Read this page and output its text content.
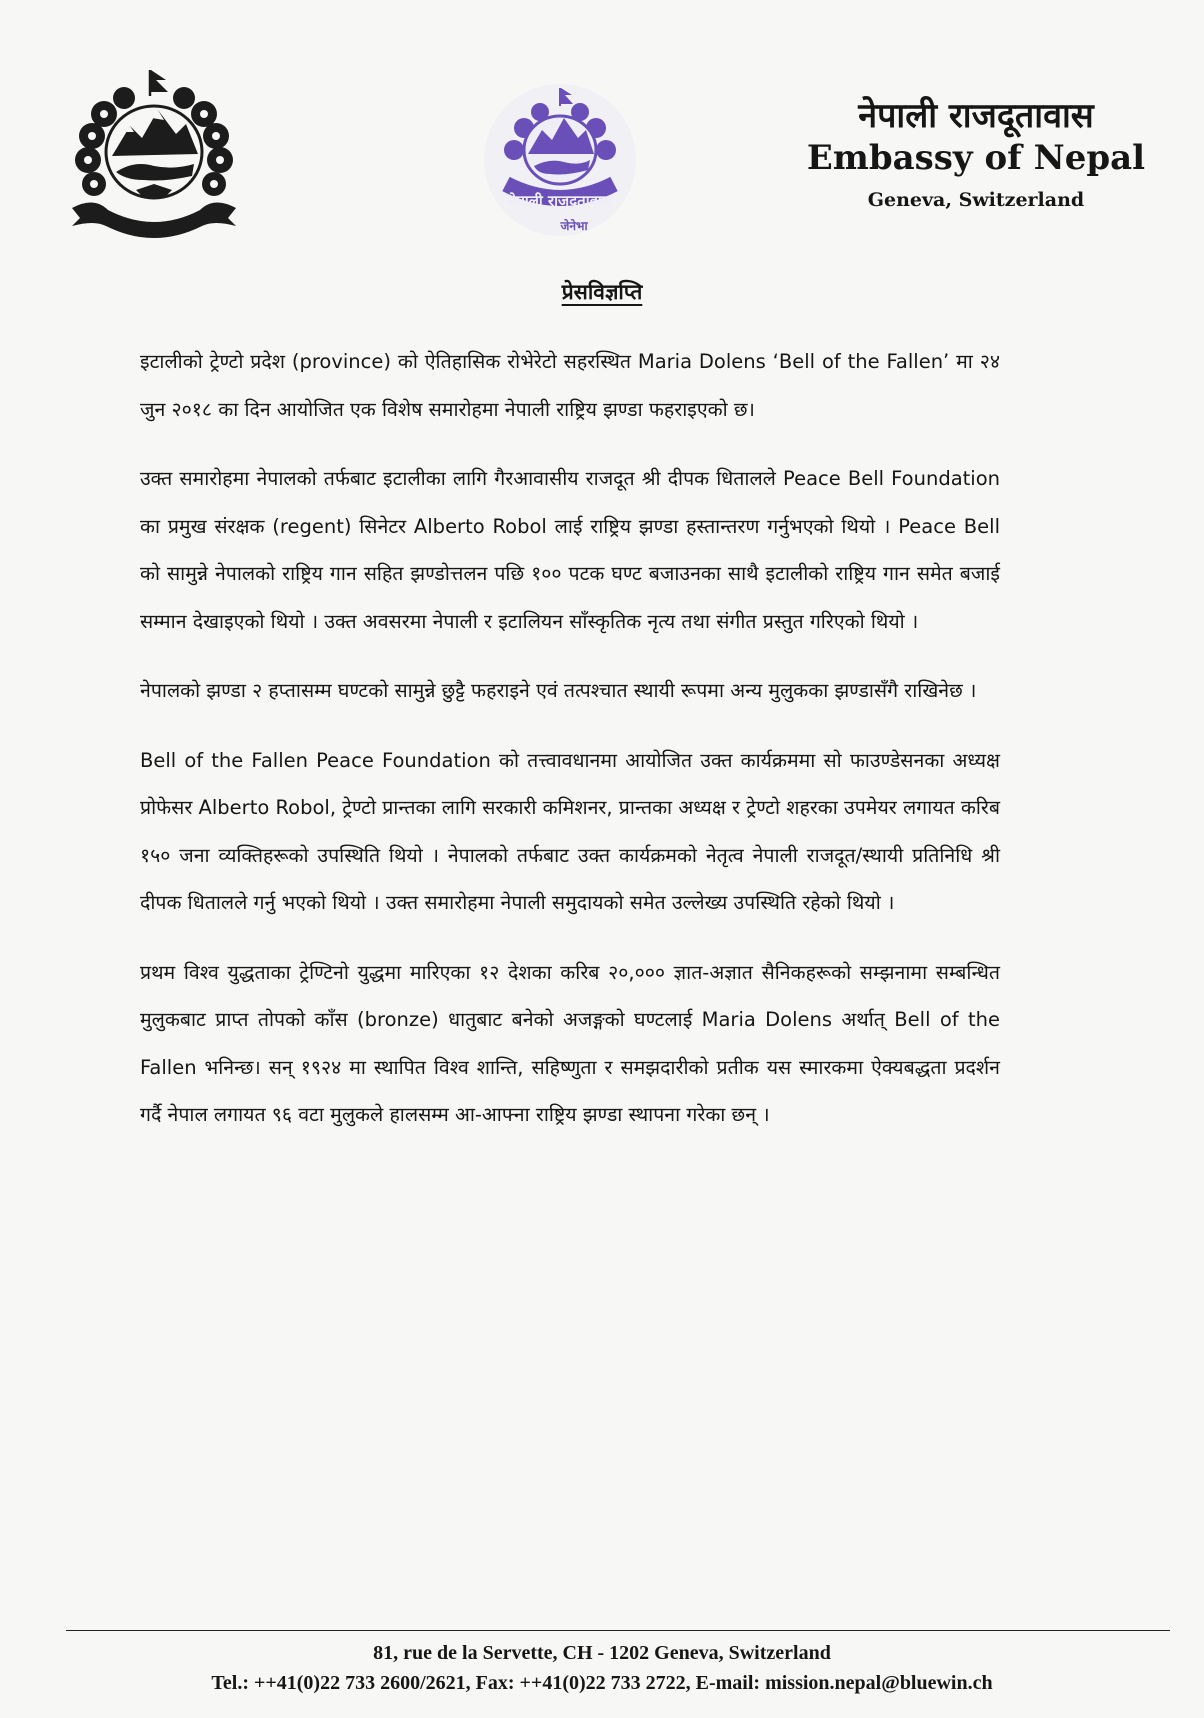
नेपाली राजदूतावास
जेनेभा
नेपाली राजदूतावास
Embassy of Nepal
Geneva, Switzerland
प्रेसविज्ञप्ति

इटालीको ट्रेण्टो प्रदेश (province) को ऐतिहासिक रोभेरेटो सहरस्थित Maria Dolens ‘Bell of the Fallen’ मा २४ जुन २०१८ का दिन आयोजित एक विशेष समारोहमा नेपाली राष्ट्रिय झण्डा फहराइएको छ।

उक्त समारोहमा नेपालको तर्फबाट इटालीका लागि गैरआवासीय राजदूत श्री दीपक धितालले Peace Bell Foundation का प्रमुख संरक्षक (regent) सिनेटर Alberto Robol लाई राष्ट्रिय झण्डा हस्तान्तरण गर्नुभएको थियो । Peace Bell को सामुन्ने नेपालको राष्ट्रिय गान सहित झण्डोत्तलन पछि १०० पटक घण्ट बजाउनका साथै इटालीको राष्ट्रिय गान समेत बजाई सम्मान देखाइएको थियो । उक्त अवसरमा नेपाली र इटालियन साँस्कृतिक नृत्य तथा संगीत प्रस्तुत गरिएको थियो ।

नेपालको झण्डा २ हप्तासम्म घण्टको सामुन्ने छुट्टै फहराइने एवं तत्पश्चात स्थायी रूपमा अन्य मुलुकका झण्डासँगै राखिनेछ ।

Bell of the Fallen Peace Foundation को तत्त्वावधानमा आयोजित उक्त कार्यक्रममा सो फाउण्डेसनका अध्यक्ष प्रोफेसर Alberto Robol, ट्रेण्टो प्रान्तका लागि सरकारी कमिशनर, प्रान्तका अध्यक्ष र ट्रेण्टो शहरका उपमेयर लगायत करिब १५० जना व्यक्तिहरूको उपस्थिति थियो । नेपालको तर्फबाट उक्त कार्यक्रमको नेतृत्व नेपाली राजदूत/स्थायी प्रतिनिधि श्री दीपक धितालले गर्नु भएको थियो । उक्त समारोहमा नेपाली समुदायको समेत उल्लेख्य उपस्थिति रहेको थियो ।

प्रथम विश्व युद्धताका ट्रेण्टिनो युद्धमा मारिएका १२ देशका करिब २०,००० ज्ञात-अज्ञात सैनिकहरूको सम्झनामा सम्बन्धित मुलुकबाट प्राप्त तोपको काँस (bronze) धातुबाट बनेको अजङ्गको घण्टलाई Maria Dolens अर्थात् Bell of the Fallen भनिन्छ। सन् १९२४ मा स्थापित विश्व शान्ति, सहिष्णुता र समझदारीको प्रतीक यस स्मारकमा ऐक्यबद्धता प्रदर्शन गर्दै नेपाल लगायत ९६ वटा मुलुकले हालसम्म आ-आफ्ना राष्ट्रिय झण्डा स्थापना गरेका छन् ।

81, rue de la Servette, CH - 1202 Geneva, Switzerland
Tel.: ++41(0)22 733 2600/2621, Fax: ++41(0)22 733 2722, E-mail: mission.nepal@bluewin.ch
